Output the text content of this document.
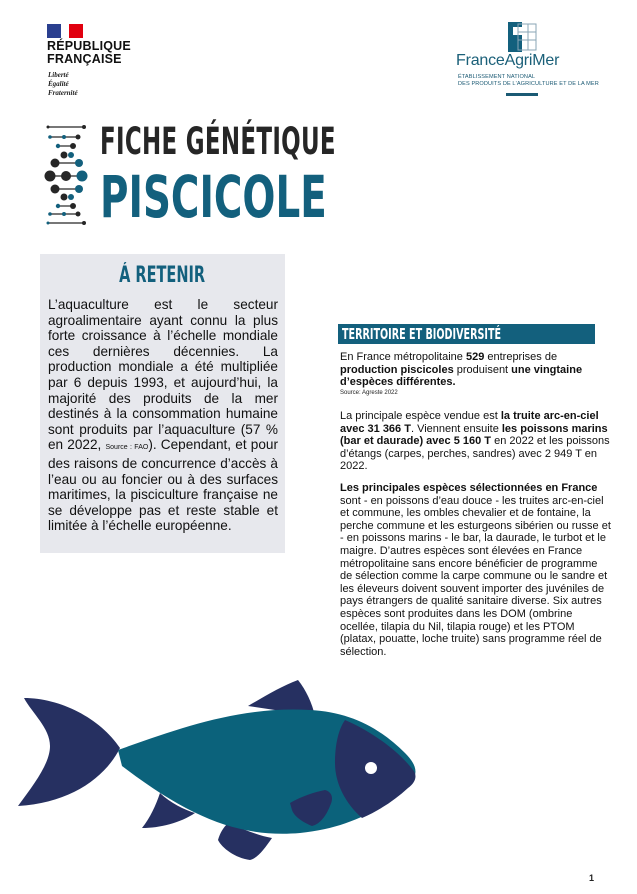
RÉPUBLIQUE
FRANÇAISE
Liberté
Égalité
Fraternité
FranceAgriMer
ÉTABLISSEMENT NATIONAL
DES PRODUITS DE L'AGRICULTURE ET DE LA MER
FICHE GÉNÉTIQUE
PISCICOLE
Á RETENIR
L’aquaculture est le secteur agroalimentaire ayant connu la plus forte croissance à l’échelle mondiale ces dernières décennies. La production mondiale a été multipliée par 6 depuis 1993, et aujourd’hui, la majorité des produits de la mer destinés à la consommation humaine sont produits par l’aquaculture (57 % en 2022, Source : FAO). Cependant, et pour des raisons de concurrence d’accès à l’eau ou au foncier ou à des surfaces maritimes, la pisciculture française ne se développe pas et reste stable et limitée à l’échelle européenne.
TERRITOIRE ET BIODIVERSITÉ
En France métropolitaine 529 entreprises de production piscicoles produisent une vingtaine d’espèces différentes.
Source: Agreste 2022
La principale espèce vendue est la truite arc-en-ciel avec 31 366 T. Viennent ensuite les poissons marins (bar et daurade) avec 5 160 T en 2022 et les poissons d’étangs (carpes, perches, sandres) avec 2 949 T en 2022.
Les principales espèces sélectionnées en France sont - en poissons d’eau douce - les truites arc-en-ciel et commune, les ombles chevalier et de fontaine, la perche commune et les esturgeons sibérien ou russe et - en poissons marins - le bar, la daurade, le turbot et le maigre. D’autres espèces sont élevées en France métropolitaine sans encore bénéficier de programme de sélection comme la carpe commune ou le sandre et les éleveurs doivent souvent importer des juvéniles de pays étrangers de qualité sanitaire diverse. Six autres espèces sont produites dans les DOM (ombrine ocellée, tilapia du Nil, tilapia rouge) et les PTOM (platax, pouatte, loche truite) sans programme réel de sélection.
1
